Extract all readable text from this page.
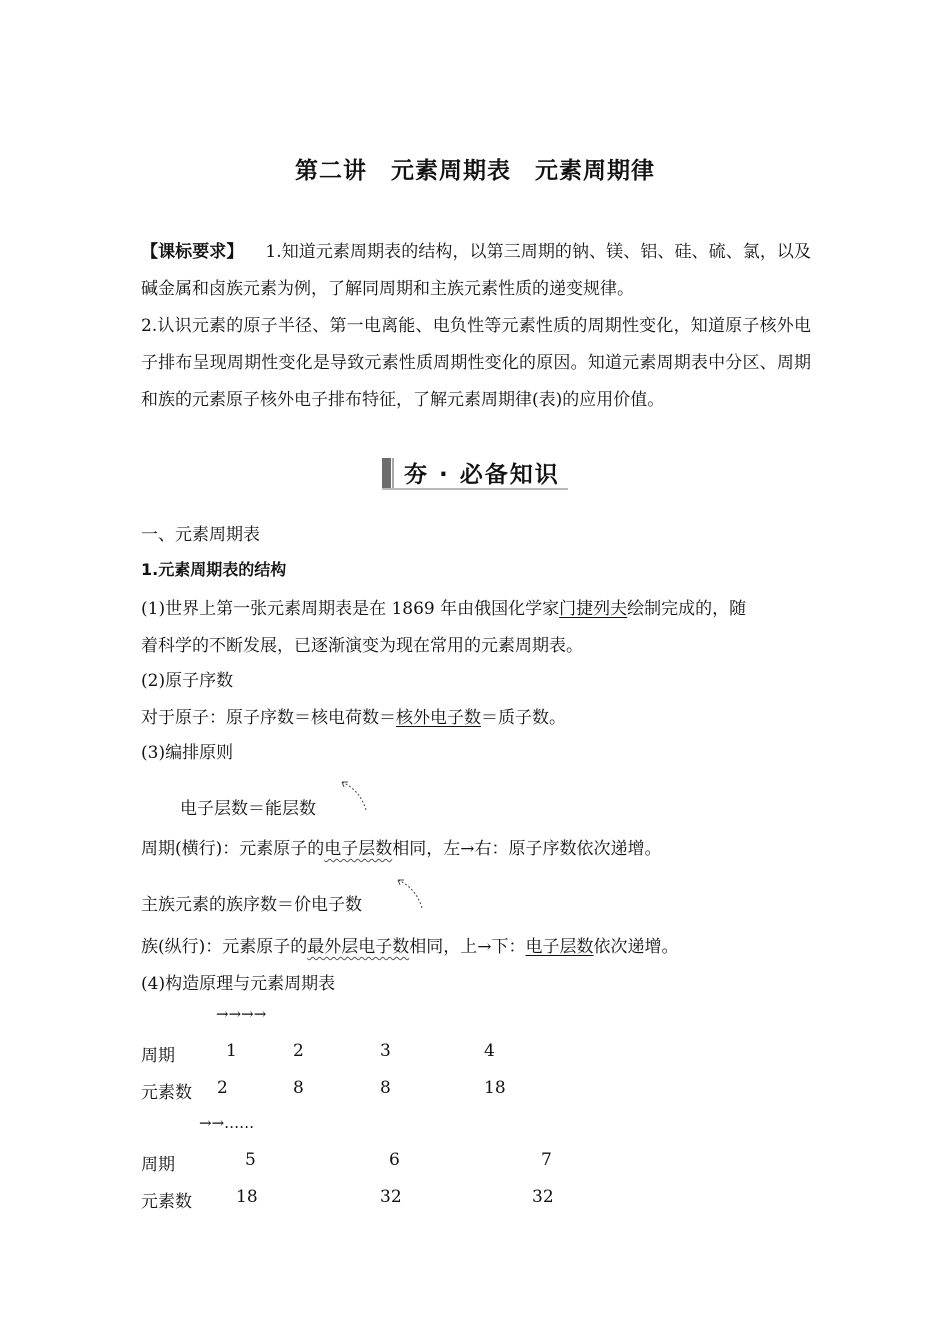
第二讲　元素周期表　元素周期律
【课标要求】 1.知道元素周期表的结构，以第三周期的钠、镁、铝、硅、硫、氯，以及碱金属和卤族元素为例，了解同周期和主族元素性质的递变规律。
2.认识元素的原子半径、第一电离能、电负性等元素性质的周期性变化，知道原子核外电子排布呈现周期性变化是导致元素性质周期性变化的原因。知道元素周期表中分区、周期和族的元素原子核外电子排布特征，了解元素周期律(表)的应用价值。
夯 · 必备知识
一、元素周期表
1.元素周期表的结构
(1)世界上第一张元素周期表是在 1869 年由俄国化学家门捷列夫绘制完成的，随
着科学的不断发展，已逐渐演变为现在常用的元素周期表。
(2)原子序数
对于原子：原子序数＝核电荷数＝核外电子数＝质子数。
(3)编排原则
电子层数＝能层数
周期(横行)：元素原子的电子层数相同，左→右：原子序数依次递增。
主族元素的族序数＝价电子数
族(纵行)：元素原子的最外层电子数相同，上→下：电子层数依次递增。
(4)构造原理与元素周期表
→→→→
周期	1	2	3	4
元素数 2	8	8	18
→→……
周期	5	6	7
元素数	18	32	32
